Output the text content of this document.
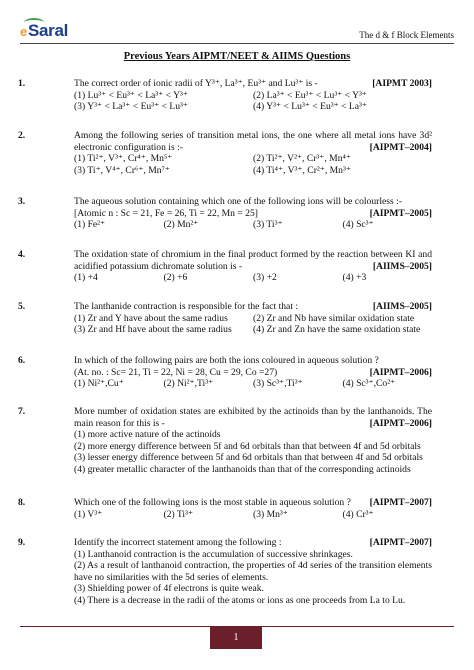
eSaral	The d & f Block Elements
Previous Years AIPMT/NEET & AIIMS Questions
1.	The correct order of ionic radii of Y³⁺, La³⁺, Eu³⁺ and Lu³⁺ is -	[AIPMT 2003]
(1) Lu³⁺ < Eu³⁺ < La³⁺ < Y³⁺	(2) La³⁺ < Eu³⁺ < Lu³⁺ < Y³⁺
(3) Y³⁺ < La³⁺ < Eu³⁺ < Lu³⁺	(4) Y³⁺ < Lu³⁺ < Eu³⁺ < La³⁺
2.	Among the following series of transition metal ions, the one where all metal ions have 3d² electronic configuration is :-	[AIPMT–2004]
(1) Ti²⁺, V³⁺, Cr⁴⁺, Mn⁵⁺	(2) Ti²⁺, V²⁺, Cr³⁺, Mn⁴⁺
(3) Ti⁺, V⁴⁺, Cr⁶⁺, Mn⁷⁺	(4) Ti⁴⁺, V³⁺, Cr²⁺, Mn³⁺
3.	The aqueous solution containing which one of the following ions will be colourless :-
[Atomic n : Sc = 21, Fe = 26, Ti = 22, Mn = 25]	[AIPMT–2005]
(1) Fe²⁺	(2) Mn²⁺	(3) Ti³⁺	(4) Sc³⁺
4.	The oxidation state of chromium in the final product formed by the reaction between KI and acidified potassium dichromate solution is -	[AIIMS–2005]
(1) +4	(2) +6	(3) +2	(4) +3
5.	The lanthanide contraction is responsible for the fact that :	[AIIMS–2005]
(1) Zr and Y have about the same radius	(2) Zr and Nb have similar oxidation state
(3) Zr and Hf have about the same radius	(4) Zr and Zn have the same oxidation state
6.	In which of the following pairs are both the ions coloured in aqueous solution ?
(At. no. : Sc= 21, Ti = 22, Ni = 28, Cu = 29, Co =27)	[AIPMT–2006]
(1) Ni²⁺,Cu⁺	(2) Ni²⁺,Ti³⁺	(3) Sc³⁺,Ti³⁺	(4) Sc³⁺,Co²⁺
7.	More number of oxidation states are exhibited by the actinoids than by the lanthanoids. The main reason for this is -	[AIPMT–2006]
(1) more active nature of the actinoids
(2) more energy difference between 5f and 6d orbitals than that between 4f and 5d orbitals
(3) lesser energy difference between 5f and 6d orbitals than that between 4f and 5d orbitals
(4) greater metallic character of the lanthanoids than that of the corresponding actinoids
8.	Which one of the following ions is the most stable in aqueous solution ? [AIPMT–2007]
(1) V³⁺	(2) Ti³⁺	(3) Mn³⁺	(4) Cr³⁺
9.	Identify the incorrect statement among the following :	[AIPMT–2007]
(1) Lanthanoid contraction is the accumulation of successive shrinkages.
(2) As a result of lanthanoid contraction, the properties of 4d series of the transition elements have no similarities with the 5d series of elements.
(3) Shielding power of 4f electrons is quite weak.
(4) There is a decrease in the radii of the atoms or ions as one proceeds from La to Lu.
1
